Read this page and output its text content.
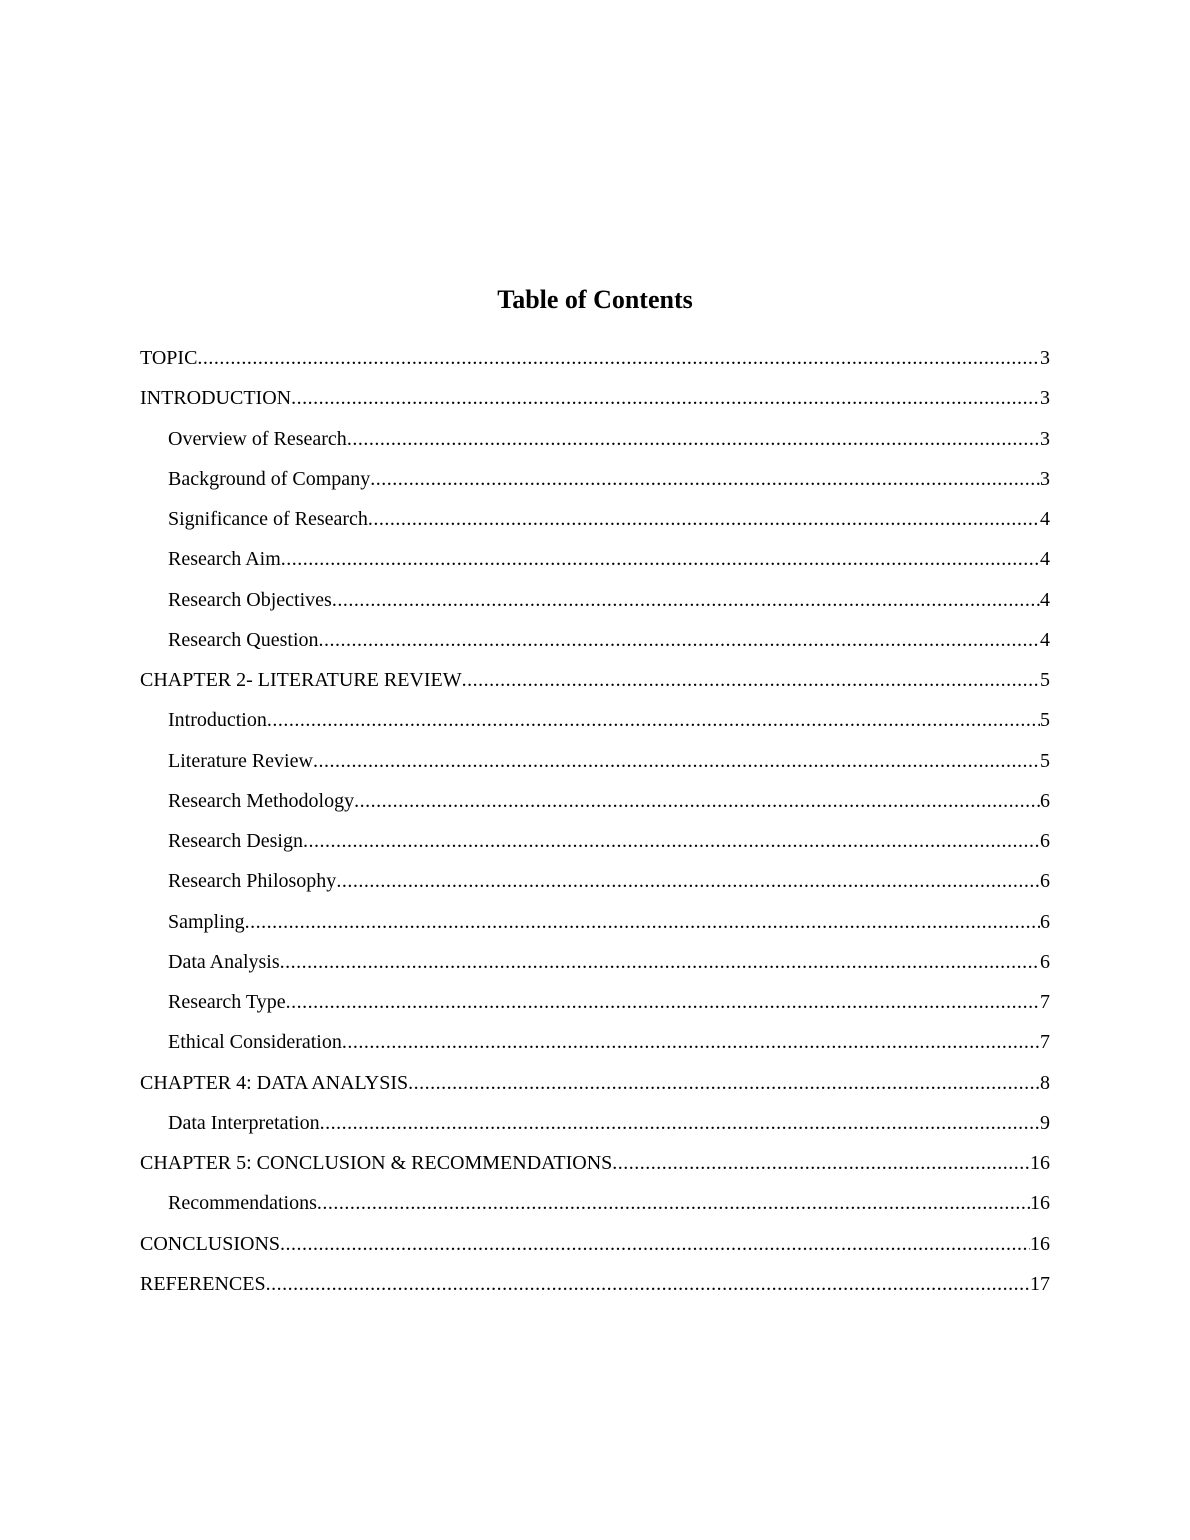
Table of Contents
TOPIC .....	3
INTRODUCTION .....	3
Overview of Research .....	3
Background of Company .....	3
Significance of Research .....	4
Research Aim .....	4
Research Objectives .....	4
Research Question .....	4
CHAPTER 2- LITERATURE REVIEW .....	5
Introduction .....	5
Literature Review .....	5
Research Methodology .....	6
Research Design .....	6
Research Philosophy .....	6
Sampling .....	6
Data Analysis .....	6
Research Type .....	7
Ethical Consideration .....	7
CHAPTER 4: DATA ANALYSIS .....	8
Data Interpretation .....	9
CHAPTER 5: CONCLUSION & RECOMMENDATIONS .....	16
Recommendations .....	16
CONCLUSIONS .....	16
REFERENCES .....	17
